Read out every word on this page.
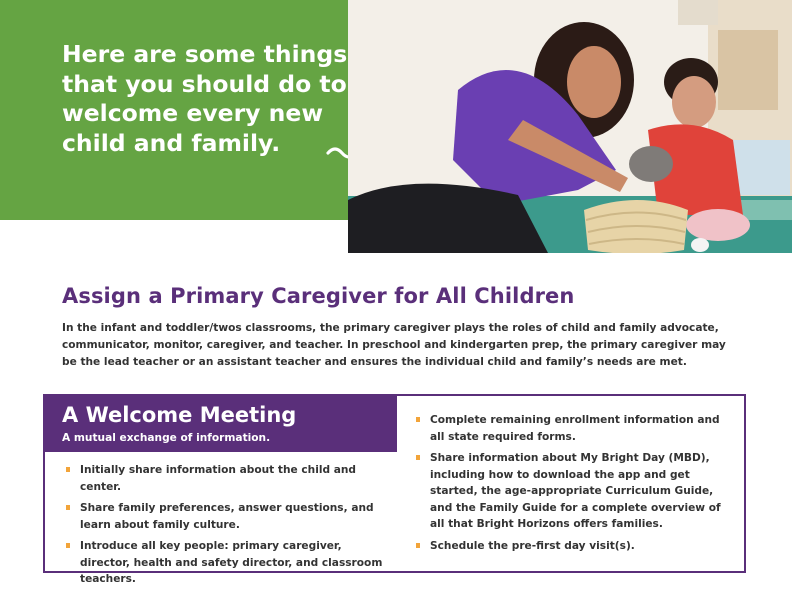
Here are some things that you should do to welcome every new child and family.
Assign a Primary Caregiver for All Children

In the infant and toddler/twos classrooms, the primary caregiver plays the roles of child and family advocate, communicator, monitor, caregiver, and teacher. In preschool and kindergarten prep, the primary caregiver may be the lead teacher or an assistant teacher and ensures the individual child and family’s needs are met.

A Welcome Meeting

A mutual exchange of information.

Initially share information about the child and center.
Share family preferences, answer questions, and learn about family culture.
Introduce all key people: primary caregiver, director, health and safety director, and classroom teachers.
Complete remaining enrollment information and all state required forms.
Share information about My Bright Day (MBD), including how to download the app and get started, the age-appropriate Curriculum Guide, and the Family Guide for a complete overview of all that Bright Horizons offers families.
Schedule the pre-first day visit(s).
